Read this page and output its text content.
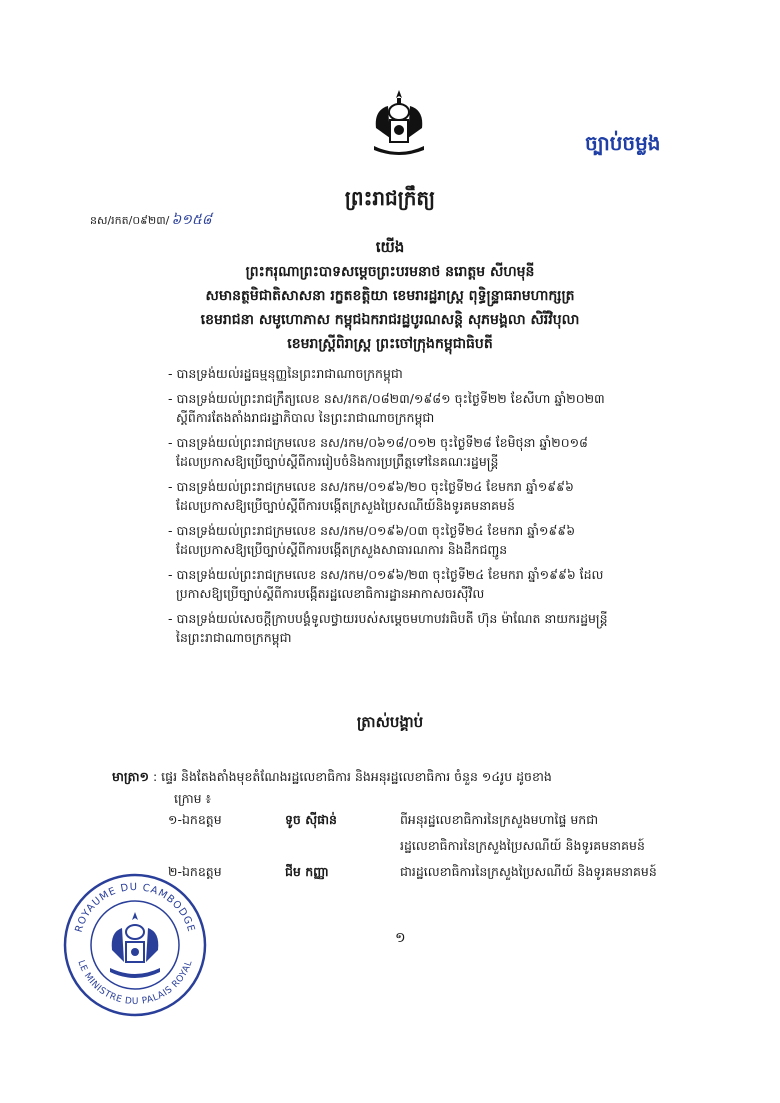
ច្បាប់ចម្លង
ព្រះរាជក្រឹត្យ
នស/រកត/០៩២៣/ ៦១៥៨
យើង
ព្រះករុណាព្រះបាទសម្តេចព្រះបរមនាថ នរោត្តម សីហមុនី
សមានត្ថមិជាតិសាសនា រក្ខតខត្តិយា ខេមរារដ្ឋរាស្ត្រ ពុទ្ធិន្ទ្រាធរាមហាក្សត្រ
ខេមរាជនា សមូហោភាស កម្ពុជឯករាជរដ្ឋបូរណសន្តិ សុភមង្គលា សិរីវិបុលា
ខេមរាស្ត្រីពិរាស្ត្រ ព្រះចៅក្រុងកម្ពុជាធិបតី
- បានទ្រង់យល់រដ្ឋធម្មនុញ្ញនៃព្រះរាជាណាចក្រកម្ពុជា
- បានទ្រង់យល់ព្រះរាជក្រឹត្យលេខ នស/រកត/០៨២៣/១៩៨១ ចុះថ្ងៃទី២២ ខែសីហា ឆ្នាំ២០២៣
ស្តីពីការតែងតាំងរាជរដ្ឋាភិបាល នៃព្រះរាជាណាចក្រកម្ពុជា
- បានទ្រង់យល់ព្រះរាជក្រមលេខ នស/រកម/០៦១៨/០១២ ចុះថ្ងៃទី២៨ ខែមិថុនា ឆ្នាំ២០១៨
ដែលប្រកាសឱ្យប្រើច្បាប់ស្តីពីការរៀបចំនិងការប្រព្រឹត្តទៅនៃគណៈរដ្ឋមន្ត្រី
- បានទ្រង់យល់ព្រះរាជក្រមលេខ នស/រកម/០១៩៦/២០ ចុះថ្ងៃទី២៤ ខែមករា ឆ្នាំ១៩៩៦
ដែលប្រកាសឱ្យប្រើច្បាប់ស្តីពីការបង្កើតក្រសួងប្រៃសណីយ៍និងទូរគមនាគមន៍
- បានទ្រង់យល់ព្រះរាជក្រមលេខ នស/រកម/០១៩៦/០៣ ចុះថ្ងៃទី២៤ ខែមករា ឆ្នាំ១៩៩៦
ដែលប្រកាសឱ្យប្រើច្បាប់ស្តីពីការបង្កើតក្រសួងសាធារណការ និងដឹកជញ្ជូន
- បានទ្រង់យល់ព្រះរាជក្រមលេខ នស/រកម/០១៩៦/២៣ ចុះថ្ងៃទី២៤ ខែមករា ឆ្នាំ១៩៩៦ ដែល
ប្រកាសឱ្យប្រើច្បាប់ស្តីពីការបង្កើតរដ្ឋលេខាធិការដ្ឋានអាកាសចរស៊ីវិល
- បានទ្រង់យល់សេចក្តីក្រាបបង្គំទូលថ្វាយរបស់សម្តេចមហាបវរធិបតី ហ៊ុន ម៉ាណែត នាយករដ្ឋមន្ត្រី
នៃព្រះរាជាណាចក្រកម្ពុជា
ត្រាស់បង្គាប់
មាត្រា១ : ផ្ទេរ និងតែងតាំងមុខតំណែងរដ្ឋលេខាធិការ និងអនុរដ្ឋលេខាធិការ ចំនួន ១៤រូប ដូចខាង
ក្រោម ៖
១-ឯកឧត្តម	ទូច ស៊ីផាន់	ពីអនុរដ្ឋលេខាធិការនៃក្រសួងមហាផ្ទៃ មកជា
រដ្ឋលេខាធិការនៃក្រសួងប្រៃសណីយ៍ និងទូរគមនាគមន៍
២-ឯកឧត្តម	ជីម កញ្ញា	ជារដ្ឋលេខាធិការនៃក្រសួងប្រៃសណីយ៍ និងទូរគមនាគមន៍
១
ROYAUME DU CAMBODGE
LE MINISTRE DU PALAIS ROYAL
